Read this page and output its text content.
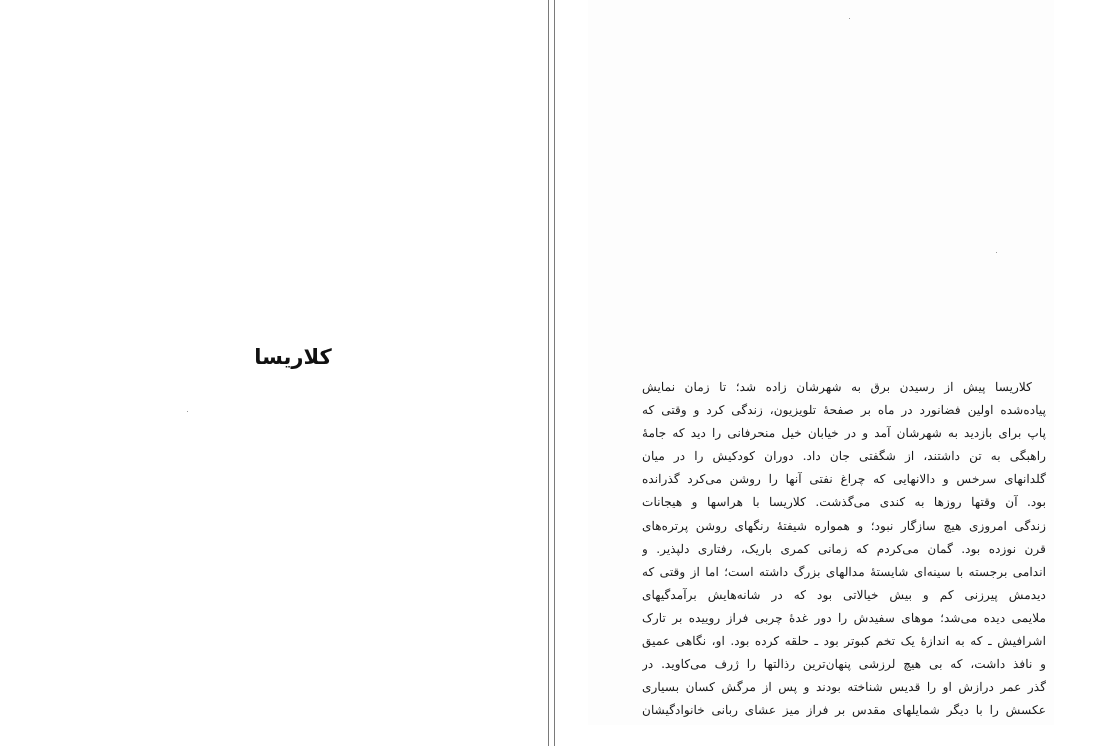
کلاریسا
کلاریسا پیش از رسیدن برق به شهرشان زاده شد؛ تا زمان نمایش
پیاده‌شده اولین فضانورد در ماه بر صفحهٔ تلویزیون، زندگی کرد و وقتی که
پاپ برای بازدید به شهرشان آمد و در خیابان خیل منحرفانی را دید که جامهٔ
راهبگی به تن داشتند، از شگفتی جان داد. دوران کودکیش را در میان
گلدانهای سرخس و دالانهایی که چراغ نفتی آنها را روشن می‌کرد گذرانده
بود. آن وقتها روزها به کندی می‌گذشت. کلاریسا با هراسها و هیجانات
زندگی امروزی هیچ سازگار نبود؛ و همواره شیفتهٔ رنگهای روشن پرتره‌های
قرن نوزده بود. گمان می‌کردم که زمانی کمری باریک، رفتاری دلپذیر. و
اندامی برجسته با سینه‌ای شایستهٔ مدالهای بزرگ داشته است؛ اما از وقتی که
دیدمش پیرزنی کم و بیش خیالاتی بود که در شانه‌هایش برآمدگیهای
ملایمی دیده می‌شد؛ موهای سفیدش را دور غدهٔ چربی فراز روییده بر تارک
اشرافیش ـ که به اندازهٔ یک تخم کبوتر بود ـ حلقه کرده بود. او، نگاهی عمیق
و نافذ داشت، که بی هیچ لرزشی پنهان‌ترین رذالتها را ژرف می‌کاوید. در
گذر عمر درازش او را قدیس شناخته بودند و پس از مرگش کسان بسیاری
عکسش را با دیگر شمایلهای مقدس بر فراز میز عشای ربانی خانوادگیشان
